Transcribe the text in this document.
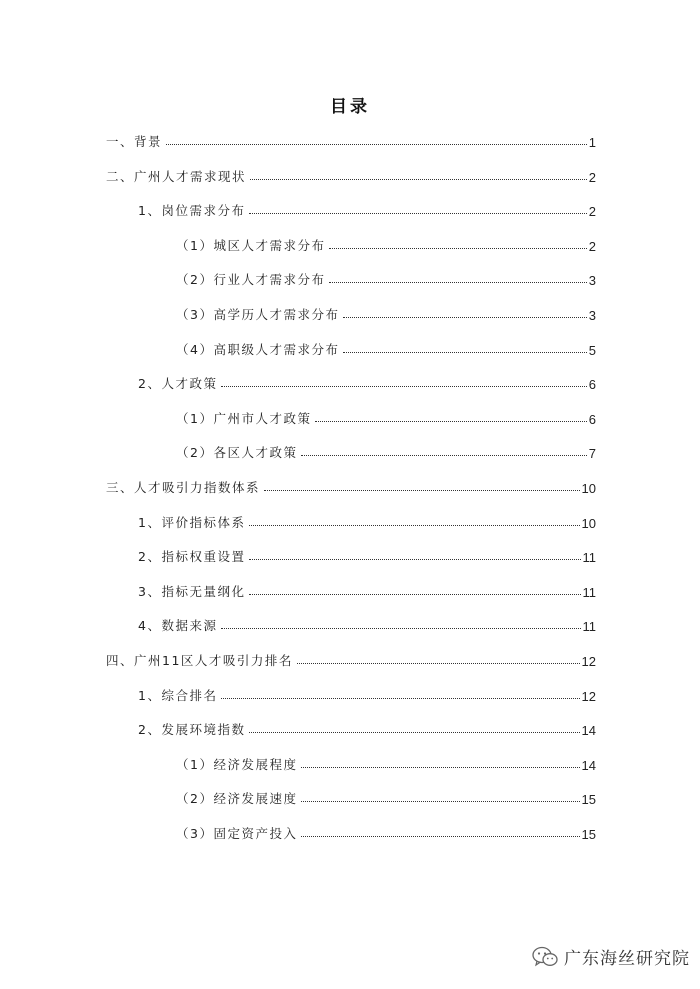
目录
一、背景	1
二、广州人才需求现状	2
1、岗位需求分布	2
（1）城区人才需求分布	2
（2）行业人才需求分布	3
（3）高学历人才需求分布	3
（4）高职级人才需求分布	5
2、人才政策	6
（1）广州市人才政策	6
（2）各区人才政策	7
三、人才吸引力指数体系	10
1、评价指标体系	10
2、指标权重设置	11
3、指标无量纲化	11
4、数据来源	11
四、广州11区人才吸引力排名	12
1、综合排名	12
2、发展环境指数	14
（1）经济发展程度	14
（2）经济发展速度	15
（3）固定资产投入	15
广东海丝研究院
